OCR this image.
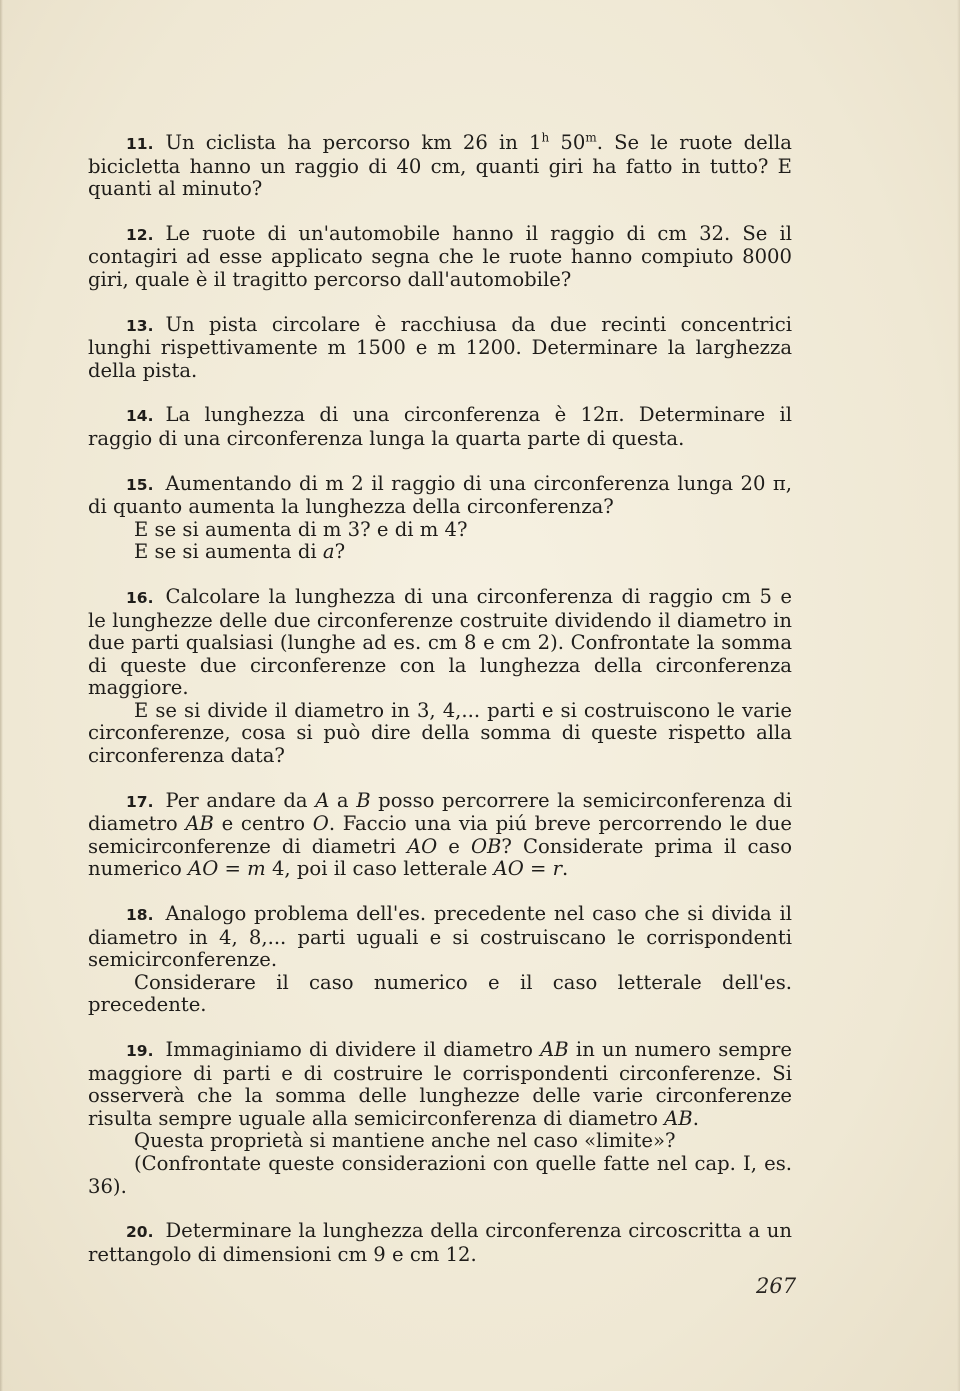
11. Un ciclista ha percorso km 26 in 1$^h$ 50$^m$. Se le ruote della bicicletta hanno un raggio di 40 cm, quanti giri ha fatto in tutto? E quanti al minuto?

12. Le ruote di un'automobile hanno il raggio di cm 32. Se il contagiri ad esse applicato segna che le ruote hanno compiuto 8000 giri, quale è il tragitto percorso dall'automobile?

13. Un pista circolare è racchiusa da due recinti concentrici lunghi rispettivamente m 1500 e m 1200. Determinare la larghezza della pista.

14. La lunghezza di una circonferenza è 12π. Determinare il raggio di una circonferenza lunga la quarta parte di questa.

15. Aumentando di m 2 il raggio di una circonferenza lunga 20 π, di quanto aumenta la lunghezza della circonferenza?

E se si aumenta di m 3? e di m 4?

E se si aumenta di a?

16. Calcolare la lunghezza di una circonferenza di raggio cm 5 e le lunghezze delle due circonferenze costruite dividendo il diametro in due parti qualsiasi (lunghe ad es. cm 8 e cm 2). Confrontate la somma di queste due circonferenze con la lunghezza della circonferenza maggiore.

E se si divide il diametro in 3, 4,... parti e si costruiscono le varie circonferenze, cosa si può dire della somma di queste rispetto alla circonferenza data?

17. Per andare da A a B posso percorrere la semicirconferenza di diametro AB e centro O. Faccio una via piú breve percorrendo le due semicirconferenze di diametri AO e OB? Considerate prima il caso numerico AO = m 4, poi il caso letterale AO = r.

18. Analogo problema dell'es. precedente nel caso che si divida il diametro in 4, 8,... parti uguali e si costruiscano le corrispondenti semicirconferenze.

Considerare il caso numerico e il caso letterale dell'es. precedente.

19. Immaginiamo di dividere il diametro AB in un numero sempre maggiore di parti e di costruire le corrispondenti circonferenze. Si osserverà che la somma delle lunghezze delle varie circonferenze risulta sempre uguale alla semicirconferenza di diametro AB.

Questa proprietà si mantiene anche nel caso «limite»?

(Confrontate queste considerazioni con quelle fatte nel cap. I, es. 36).

20. Determinare la lunghezza della circonferenza circoscritta a un rettangolo di dimensioni cm 9 e cm 12.

267
